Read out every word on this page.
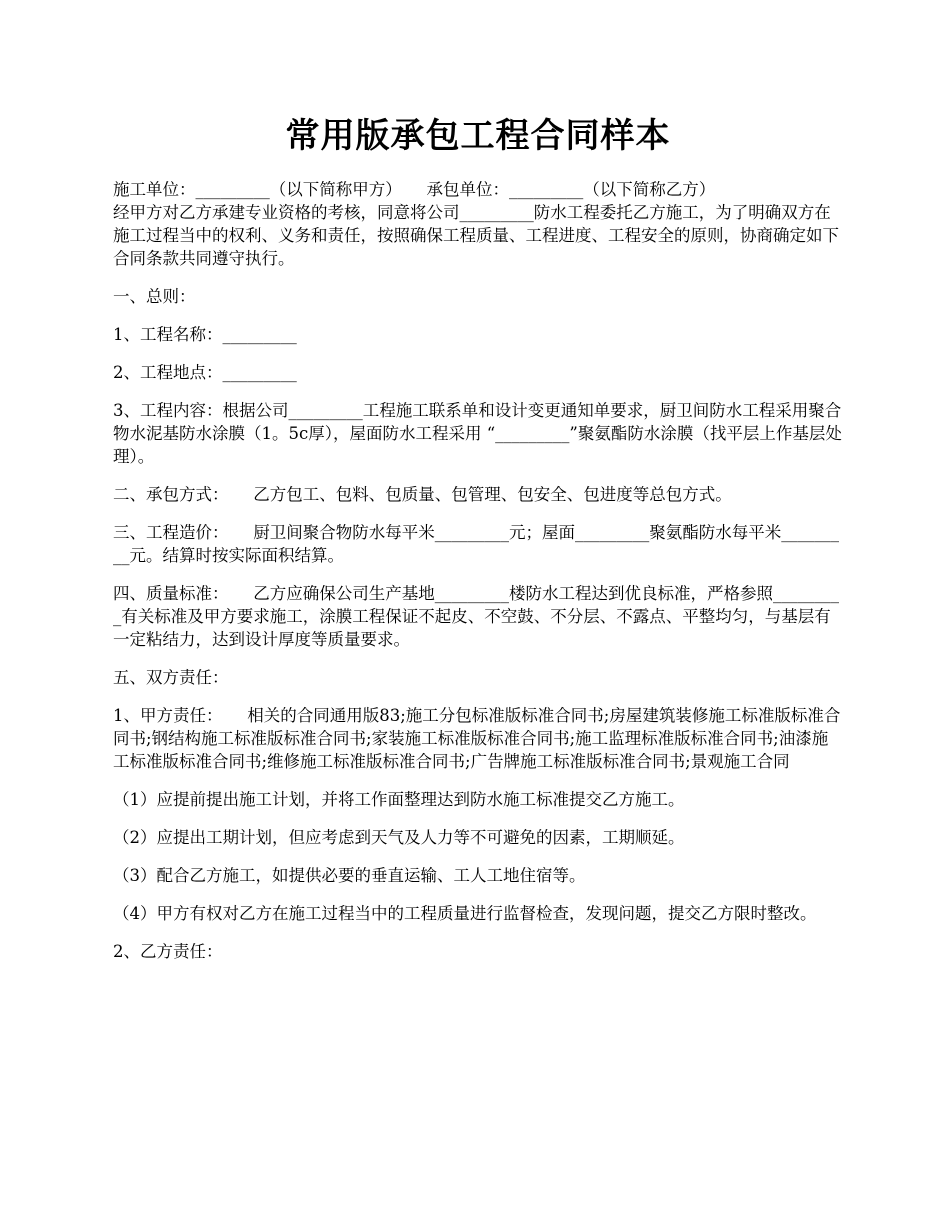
常用版承包工程合同样本
施工单位：_________（以下简称甲方）　　承包单位：_________（以下简称乙方）
经甲方对乙方承建专业资格的考核，同意将公司_________防水工程委托乙方施工，为了明确双方在施工过程当中的权利、义务和责任，按照确保工程质量、工程进度、工程安全的原则，协商确定如下合同条款共同遵守执行。
一、总则：
1、工程名称：_________
2、工程地点：_________
3、工程内容：根据公司_________工程施工联系单和设计变更通知单要求，厨卫间防水工程采用聚合物水泥基防水涂膜（1。5c厚），屋面防水工程采用 “_________”聚氨酯防水涂膜（找平层上作基层处理）。
二、承包方式：　　乙方包工、包料、包质量、包管理、包安全、包进度等总包方式。
三、工程造价：　　厨卫间聚合物防水每平米_________元；屋面_________聚氨酯防水每平米_________元。结算时按实际面积结算。
四、质量标准：　　乙方应确保公司生产基地_________楼防水工程达到优良标准，严格参照_________有关标准及甲方要求施工，涂膜工程保证不起皮、不空鼓、不分层、不露点、平整均匀，与基层有一定粘结力，达到设计厚度等质量要求。
五、双方责任：
1、甲方责任：　　相关的合同通用版83;施工分包标准版标准合同书;房屋建筑装修施工标准版标准合同书;钢结构施工标准版标准合同书;家装施工标准版标准合同书;施工监理标准版标准合同书;油漆施工标准版标准合同书;维修施工标准版标准合同书;广告牌施工标准版标准合同书;景观施工合同
（1）应提前提出施工计划，并将工作面整理达到防水施工标准提交乙方施工。
（2）应提出工期计划，但应考虑到天气及人力等不可避免的因素，工期顺延。
（3）配合乙方施工，如提供必要的垂直运输、工人工地住宿等。
（4）甲方有权对乙方在施工过程当中的工程质量进行监督检查，发现问题，提交乙方限时整改。
2、乙方责任：
